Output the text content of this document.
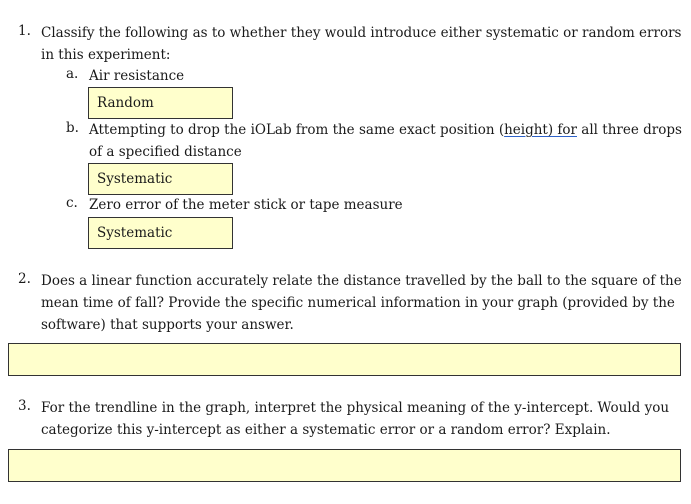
1. Classify the following as to whether they would introduce either systematic or random errors
in this experiment:
a. Air resistance
Random
b. Attempting to drop the iOLab from the same exact position (height) for all three drops
of a specified distance
Systematic
c. Zero error of the meter stick or tape measure
Systematic
2. Does a linear function accurately relate the distance travelled by the ball to the square of the
mean time of fall? Provide the specific numerical information in your graph (provided by the
software) that supports your answer.
3. For the trendline in the graph, interpret the physical meaning of the y-intercept. Would you
categorize this y-intercept as either a systematic error or a random error? Explain.
